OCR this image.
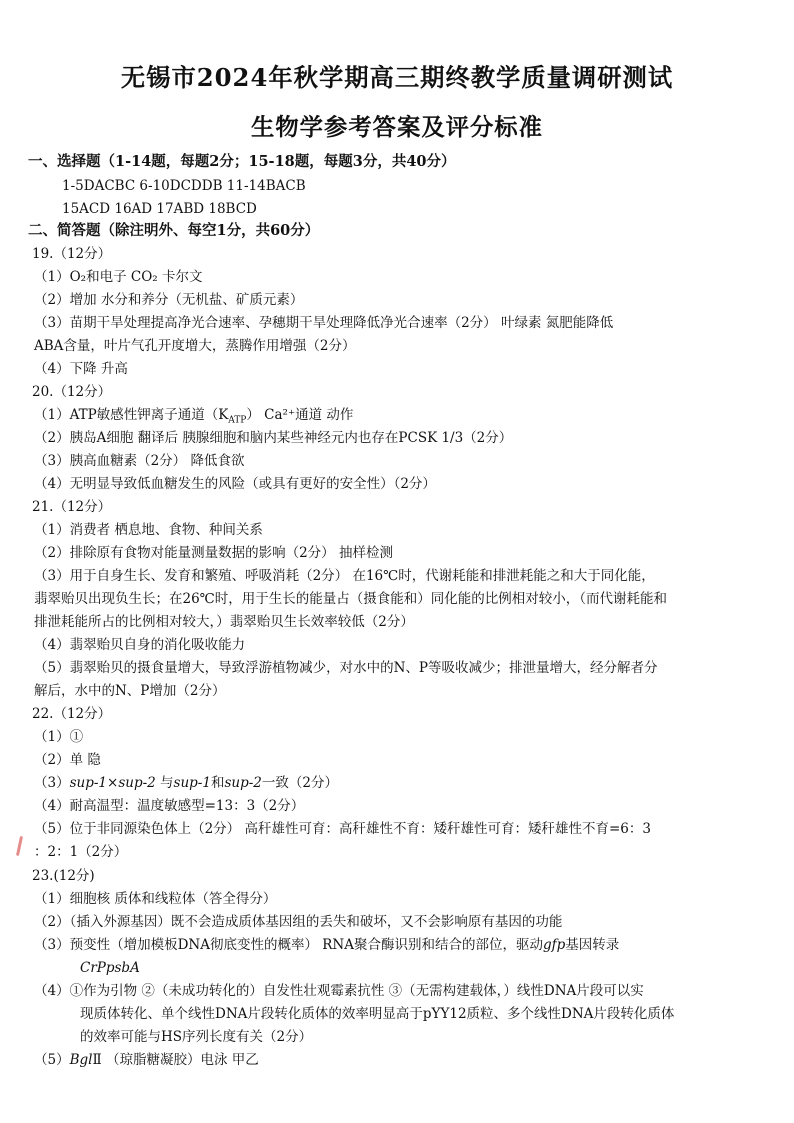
无锡市2024年秋学期高三期终教学质量调研测试
生物学参考答案及评分标准
一、选择题（1-14题，每题2分；15-18题，每题3分，共40分）
1-5DACBC 6-10DCDDB 11-14BACB
15ACD 16AD 17ABD 18BCD
二、简答题（除注明外、每空1分，共60分）
19.（12分）
（1）O₂和电子 CO₂ 卡尔文
（2）增加 水分和养分（无机盐、矿质元素）
（3）苗期干旱处理提高净光合速率、孕穗期干旱处理降低净光合速率（2分） 叶绿素 氮肥能降低
ABA含量，叶片气孔开度增大，蒸腾作用增强（2分）
（4）下降 升高
20.（12分）
（1）ATP敏感性钾离子通道$(K_{ATP})$ Ca²⁺通道 动作
（2）胰岛A细胞 翻译后 胰腺细胞和脑内某些神经元内也存在PCSK 1/3（2分）
（3）胰高血糖素（2分） 降低食欲
（4）无明显导致低血糖发生的风险（或具有更好的安全性）（2分）
21.（12分）
（1）消费者 栖息地、食物、种间关系
（2）排除原有食物对能量测量数据的影响（2分） 抽样检测
（3）用于自身生长、发育和繁殖、呼吸消耗（2分） 在16℃时，代谢耗能和排泄耗能之和大于同化能，
翡翠贻贝出现负生长；在26℃时，用于生长的能量占（摄食能和）同化能的比例相对较小，（而代谢耗能和
排泄耗能所占的比例相对较大，）翡翠贻贝生长效率较低（2分）
（4）翡翠贻贝自身的消化吸收能力
（5）翡翠贻贝的摄食量增大，导致浮游植物减少，对水中的N、P等吸收减少；排泄量增大，经分解者分
解后，水中的N、P增加（2分）
22.（12分）
（1）①
（2）单 隐
（3）sup-1×sup-2 与sup-1和sup-2一致（2分）
（4）耐高温型：温度敏感型=13：3（2分）
（5）位于非同源染色体上（2分） 高秆雄性可育：高秆雄性不育：矮秆雄性可育：矮秆雄性不育=6：3
：2：1（2分）
23.(12分)
（1）细胞核 质体和线粒体（答全得分）
（2）（插入外源基因）既不会造成质体基因组的丢失和破坏，又不会影响原有基因的功能
（3）预变性（增加模板DNA彻底变性的概率） RNA聚合酶识别和结合的部位，驱动gfp基因转录
CrPpsbA
（4）①作为引物 ②（未成功转化的）自发性壮观霉素抗性 ③（无需构建载体，）线性DNA片段可以实
现质体转化、单个线性DNA片段转化质体的效率明显高于pYY12质粒、多个线性DNA片段转化质体
的效率可能与HS序列长度有关（2分）
（5）BglⅡ （琼脂糖凝胶）电泳 甲乙
